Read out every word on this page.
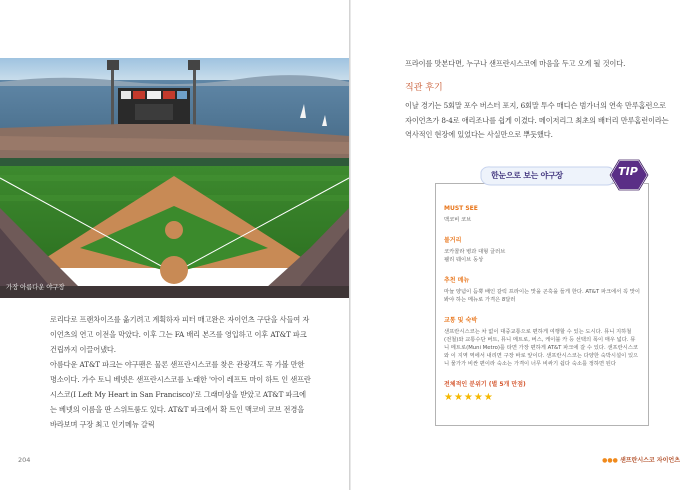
가장 아름다운 야구장

로리다로 프랜차이즈를 옮기려고 계획하자 피터 매고완은 자이언츠 구단을 사들여 자이언츠의 연고 이전을 막았다. 이후 그는 FA 배리 본즈를 영입하고 이후 AT&T 파크 건립까지 이끌어냈다.

아름다운 AT&T 파크는 야구팬은 물론 샌프란시스코를 찾은 관광객도 꼭 가볼 만한 명소이다. 가수 토니 베넷은 샌프란시스코를 노래한 '아이 레프트 마이 하트 인 샌프란시스코(I Left My Heart in San Francisco)'로 그래미상을 받았고 AT&T 파크에는 베넷의 이름을 딴 스위트룸도 있다. AT&T 파크에서 확 트인 맥코비 코브 전경을 바라보며 구장 최고 인기메뉴 갈릭

204
프라이를 맛본다면, 누구나 샌프란시스코에 마음을 두고 오게 될 것이다.
직관 후기
이날 경기는 5회말 포수 버스터 포지, 6회말 투수 매디슨 범가너의 연속 만루홈런으로 자이언츠가 8-4로 애리조나를 쉽게 이겼다. 메이저리그 최초의 배터리 만루홈런이라는 역사적인 현장에 있었다는 사실만으로 뿌듯했다.
한눈으로 보는 야구장	TIP
MUST SEE
맥코비 코브
볼거리
코카콜라 병과 대형 글러브
웰리 웨이브 동상
추천 메뉴
마늘 양념이 듬뿍 배인 갈릭 프라이는 맛을 곤혹을 들게 한다. AT&T 파크에서 꼭 맛이봐야 하는 메뉴로 가격은 8달러
교통 및 숙박
샌프란시스코는 차 없이 대중교통으로 편하게 여행할 수 있는 도시다. 뮤니 지하철 (전철)와 교통수단 버트, 뮤니 메트로, 버스, 케이블 카 등 선택의 폭이 매우 넓다. 뮤니 메트로(Muni Metro)를 타면 가장 편하게 AT&T 파크에 갈 수 있다. 샌프란시스코와 이 지역 역에서 내리면 구장 바로 앞이다. 샌프란시스코는 다양한 숙박시설이 있으니 물가가 비싼 편이라 숙소는 가격이 너무 비싸기 쉽다 숙소를 정하면 된다
전체적인 분위기 (별 5개 만점)
★★★★★
●●● 샌프란시스코 자이언츠
